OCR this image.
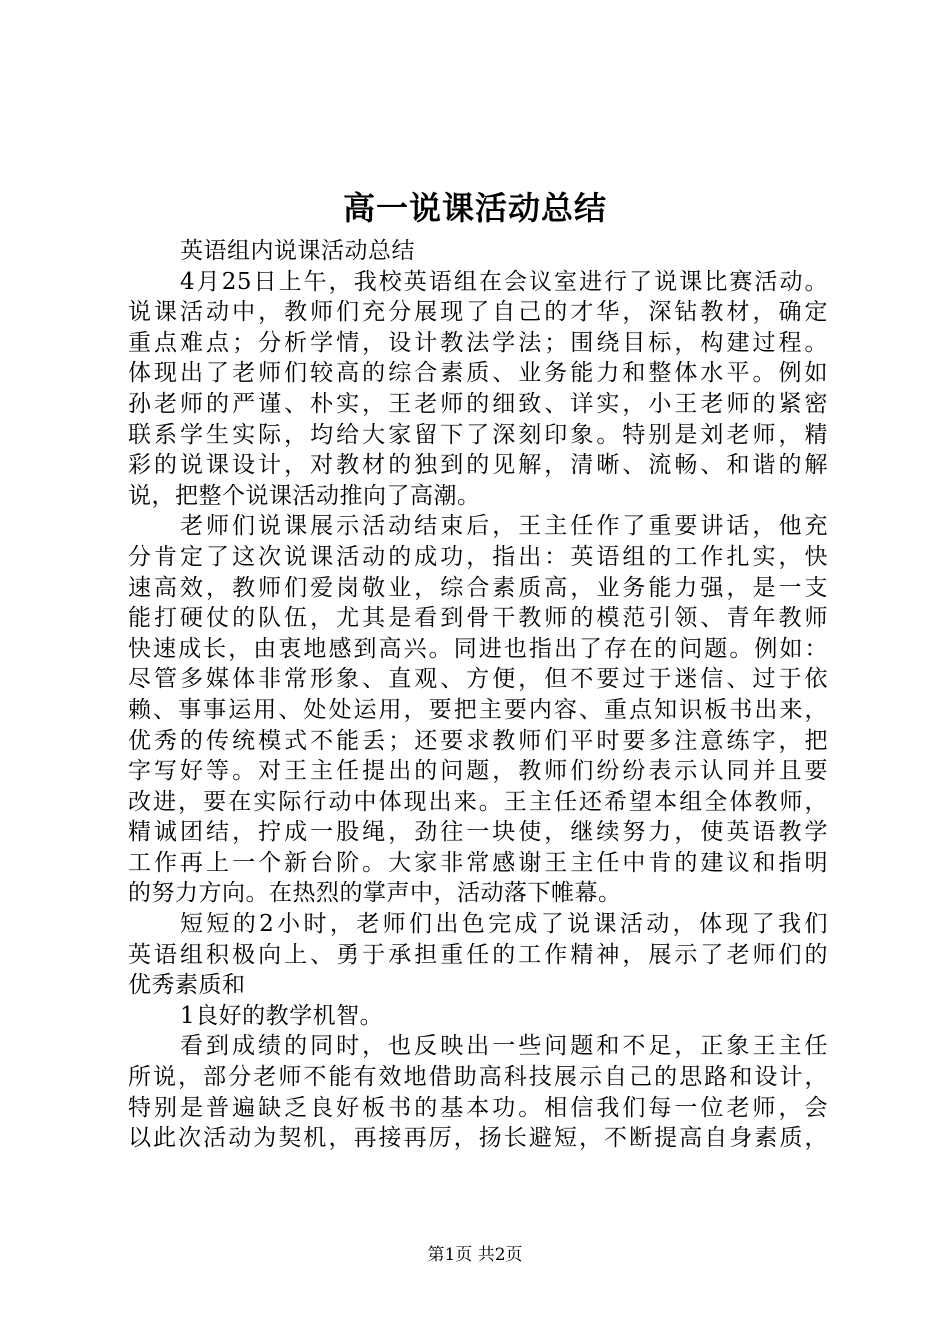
高一说课活动总结
英语组内说课活动总结
4月25日上午，我校英语组在会议室进行了说课比赛活动。
说课活动中，教师们充分展现了自己的才华，深钻教材，确定
重点难点；分析学情，设计教法学法；围绕目标，构建过程。
体现出了老师们较高的综合素质、业务能力和整体水平。例如
孙老师的严谨、朴实，王老师的细致、详实，小王老师的紧密
联系学生实际，均给大家留下了深刻印象。特别是刘老师，精
彩的说课设计，对教材的独到的见解，清晰、流畅、和谐的解
说，把整个说课活动推向了高潮。
老师们说课展示活动结束后，王主任作了重要讲话，他充
分肯定了这次说课活动的成功，指出：英语组的工作扎实，快
速高效，教师们爱岗敬业，综合素质高，业务能力强，是一支
能打硬仗的队伍，尤其是看到骨干教师的模范引领、青年教师
快速成长，由衷地感到高兴。同进也指出了存在的问题。例如：
尽管多媒体非常形象、直观、方便，但不要过于迷信、过于依
赖、事事运用、处处运用，要把主要内容、重点知识板书出来，
优秀的传统模式不能丢；还要求教师们平时要多注意练字，把
字写好等。对王主任提出的问题，教师们纷纷表示认同并且要
改进，要在实际行动中体现出来。王主任还希望本组全体教师，
精诚团结，拧成一股绳，劲往一块使，继续努力，使英语教学
工作再上一个新台阶。大家非常感谢王主任中肯的建议和指明
的努力方向。在热烈的掌声中，活动落下帷幕。
短短的2小时，老师们出色完成了说课活动，体现了我们
英语组积极向上、勇于承担重任的工作精神，展示了老师们的
优秀素质和
1良好的教学机智。
看到成绩的同时，也反映出一些问题和不足，正象王主任
所说，部分老师不能有效地借助高科技展示自己的思路和设计，
特别是普遍缺乏良好板书的基本功。相信我们每一位老师，会
以此次活动为契机，再接再厉，扬长避短，不断提高自身素质，
第1页 共2页
